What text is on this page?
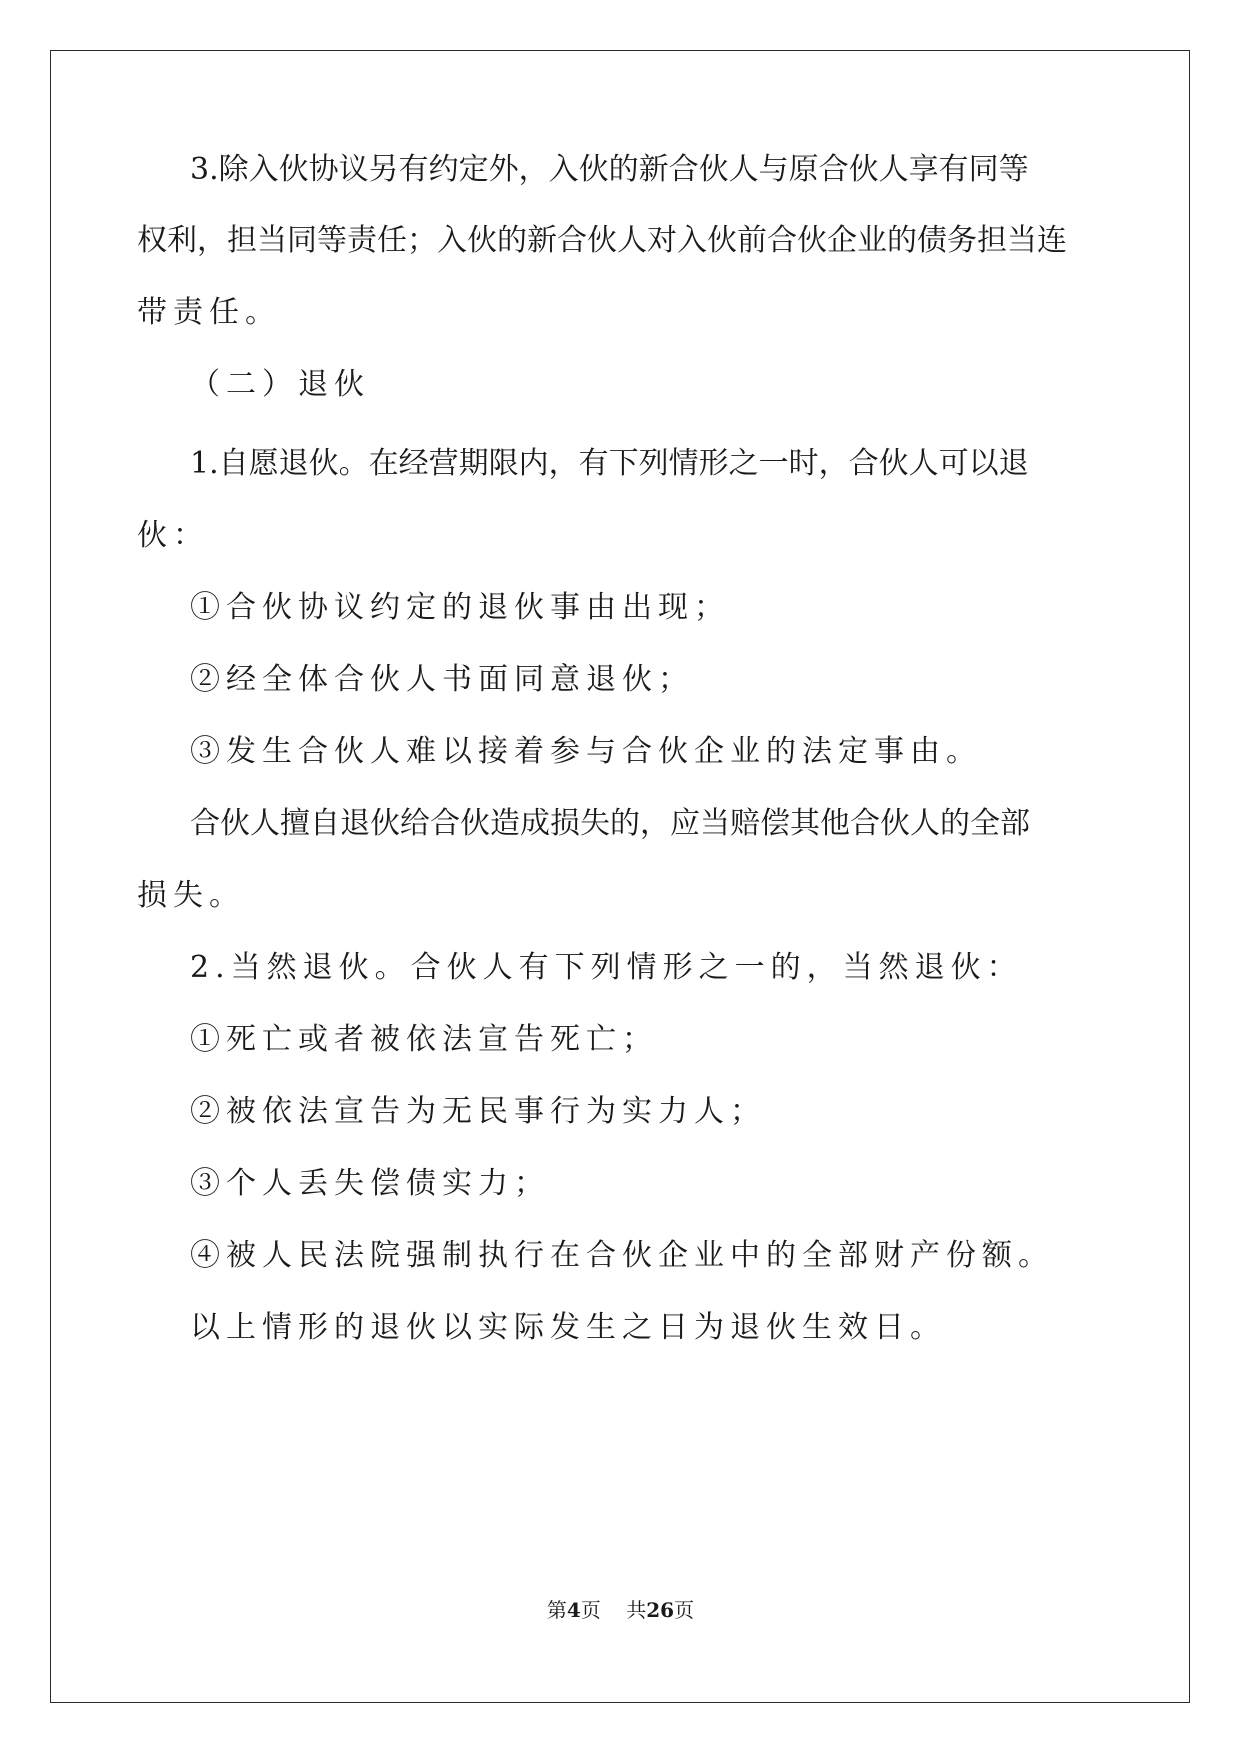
3.除入伙协议另有约定外，入伙的新合伙人与原合伙人享有同等
权利，担当同等责任；入伙的新合伙人对入伙前合伙企业的债务担当连
带责任。
（二）退伙
1.自愿退伙。在经营期限内，有下列情形之一时，合伙人可以退
伙：
①合伙协议约定的退伙事由出现；
②经全体合伙人书面同意退伙；
③发生合伙人难以接着参与合伙企业的法定事由。
合伙人擅自退伙给合伙造成损失的，应当赔偿其他合伙人的全部
损失。
2.当然退伙。合伙人有下列情形之一的，当然退伙：
①死亡或者被依法宣告死亡；
②被依法宣告为无民事行为实力人；
③个人丢失偿债实力；
④被人民法院强制执行在合伙企业中的全部财产份额。
以上情形的退伙以实际发生之日为退伙生效日。
第4页 共26页
